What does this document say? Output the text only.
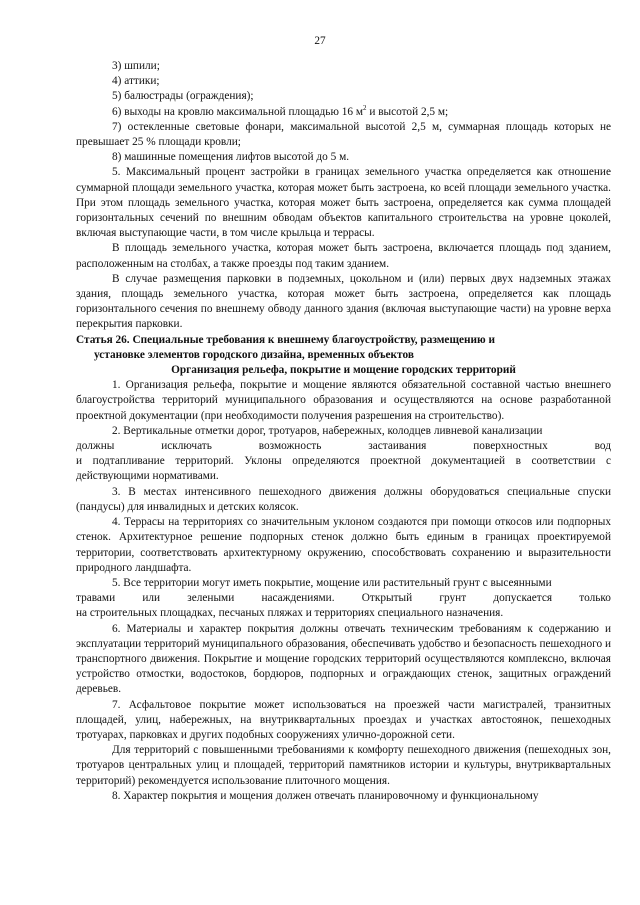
27

3) шпили;

4) аттики;

5) балюстрады (ограждения);

6) выходы на кровлю максимальной площадью 16 $м^2$ и высотой 2,5 м;

7) остекленные световые фонари, максимальной высотой 2,5 м, суммарная площадь которых не превышает 25 % площади кровли;

8) машинные помещения лифтов высотой до 5 м.

5. Максимальный процент застройки в границах земельного участка определяется как отношение суммарной площади земельного участка, которая может быть застроена, ко всей площади земельного участка. При этом площадь земельного участка, которая может быть застроена, определяется как сумма площадей горизонтальных сечений по внешним обводам объектов капитального строительства на уровне цоколей, включая выступающие части, в том числе крыльца и террасы.

В площадь земельного участка, которая может быть застроена, включается площадь под зданием, расположенным на столбах, а также проезды под таким зданием.

В случае размещения парковки в подземных, цокольном и (или) первых двух надземных этажах здания, площадь земельного участка, которая может быть застроена, определяется как площадь горизонтального сечения по внешнему обводу данного здания (включая выступающие части) на уровне верха перекрытия парковки.

Статья 26. Специальные требования к внешнему благоустройству, размещению и

установке элементов городского дизайна, временных объектов

Организация рельефа, покрытие и мощение городских территорий

1. Организация рельефа, покрытие и мощение являются обязательной составной частью внешнего благоустройства территорий муниципального образования и осуществляются на основе разработанной проектной документации (при необходимости получения разрешения на строительство).

2. Вертикальные отметки дорог, тротуаров, набережных, колодцев ливневой канализации

должны	исключать	возможность	застаивания	поверхностных	вод

и подтапливание территорий. Уклоны определяются проектной документацией в соответствии с действующими нормативами.

3. В местах интенсивного пешеходного движения должны оборудоваться специальные спуски (пандусы) для инвалидных и детских колясок.

4. Террасы на территориях со значительным уклоном создаются при помощи откосов или подпорных стенок. Архитектурное решение подпорных стенок должно быть единым в границах проектируемой территории, соответствовать архитектурному окружению, способствовать сохранению и выразительности природного ландшафта.

5. Все территории могут иметь покрытие, мощение или растительный грунт с высеянными

травами или зелеными насаждениями. Открытый грунт допускается только

на строительных площадках, песчаных пляжах и территориях специального назначения.

6. Материалы и характер покрытия должны отвечать техническим требованиям к содержанию и эксплуатации территорий муниципального образования, обеспечивать удобство и безопасность пешеходного и транспортного движения. Покрытие и мощение городских территорий осуществляются комплексно, включая устройство отмостки, водостоков, бордюров, подпорных и ограждающих стенок, защитных ограждений деревьев.

7. Асфальтовое покрытие может использоваться на проезжей части магистралей, транзитных площадей, улиц, набережных, на внутриквартальных проездах и участках автостоянок, пешеходных тротуарах, парковках и других подобных сооружениях улично-дорожной сети.

Для территорий с повышенными требованиями к комфорту пешеходного движения (пешеходных зон, тротуаров центральных улиц и площадей, территорий памятников истории и культуры, внутриквартальных территорий) рекомендуется использование плиточного мощения.

8. Характер покрытия и мощения должен отвечать планировочному и функциональному
